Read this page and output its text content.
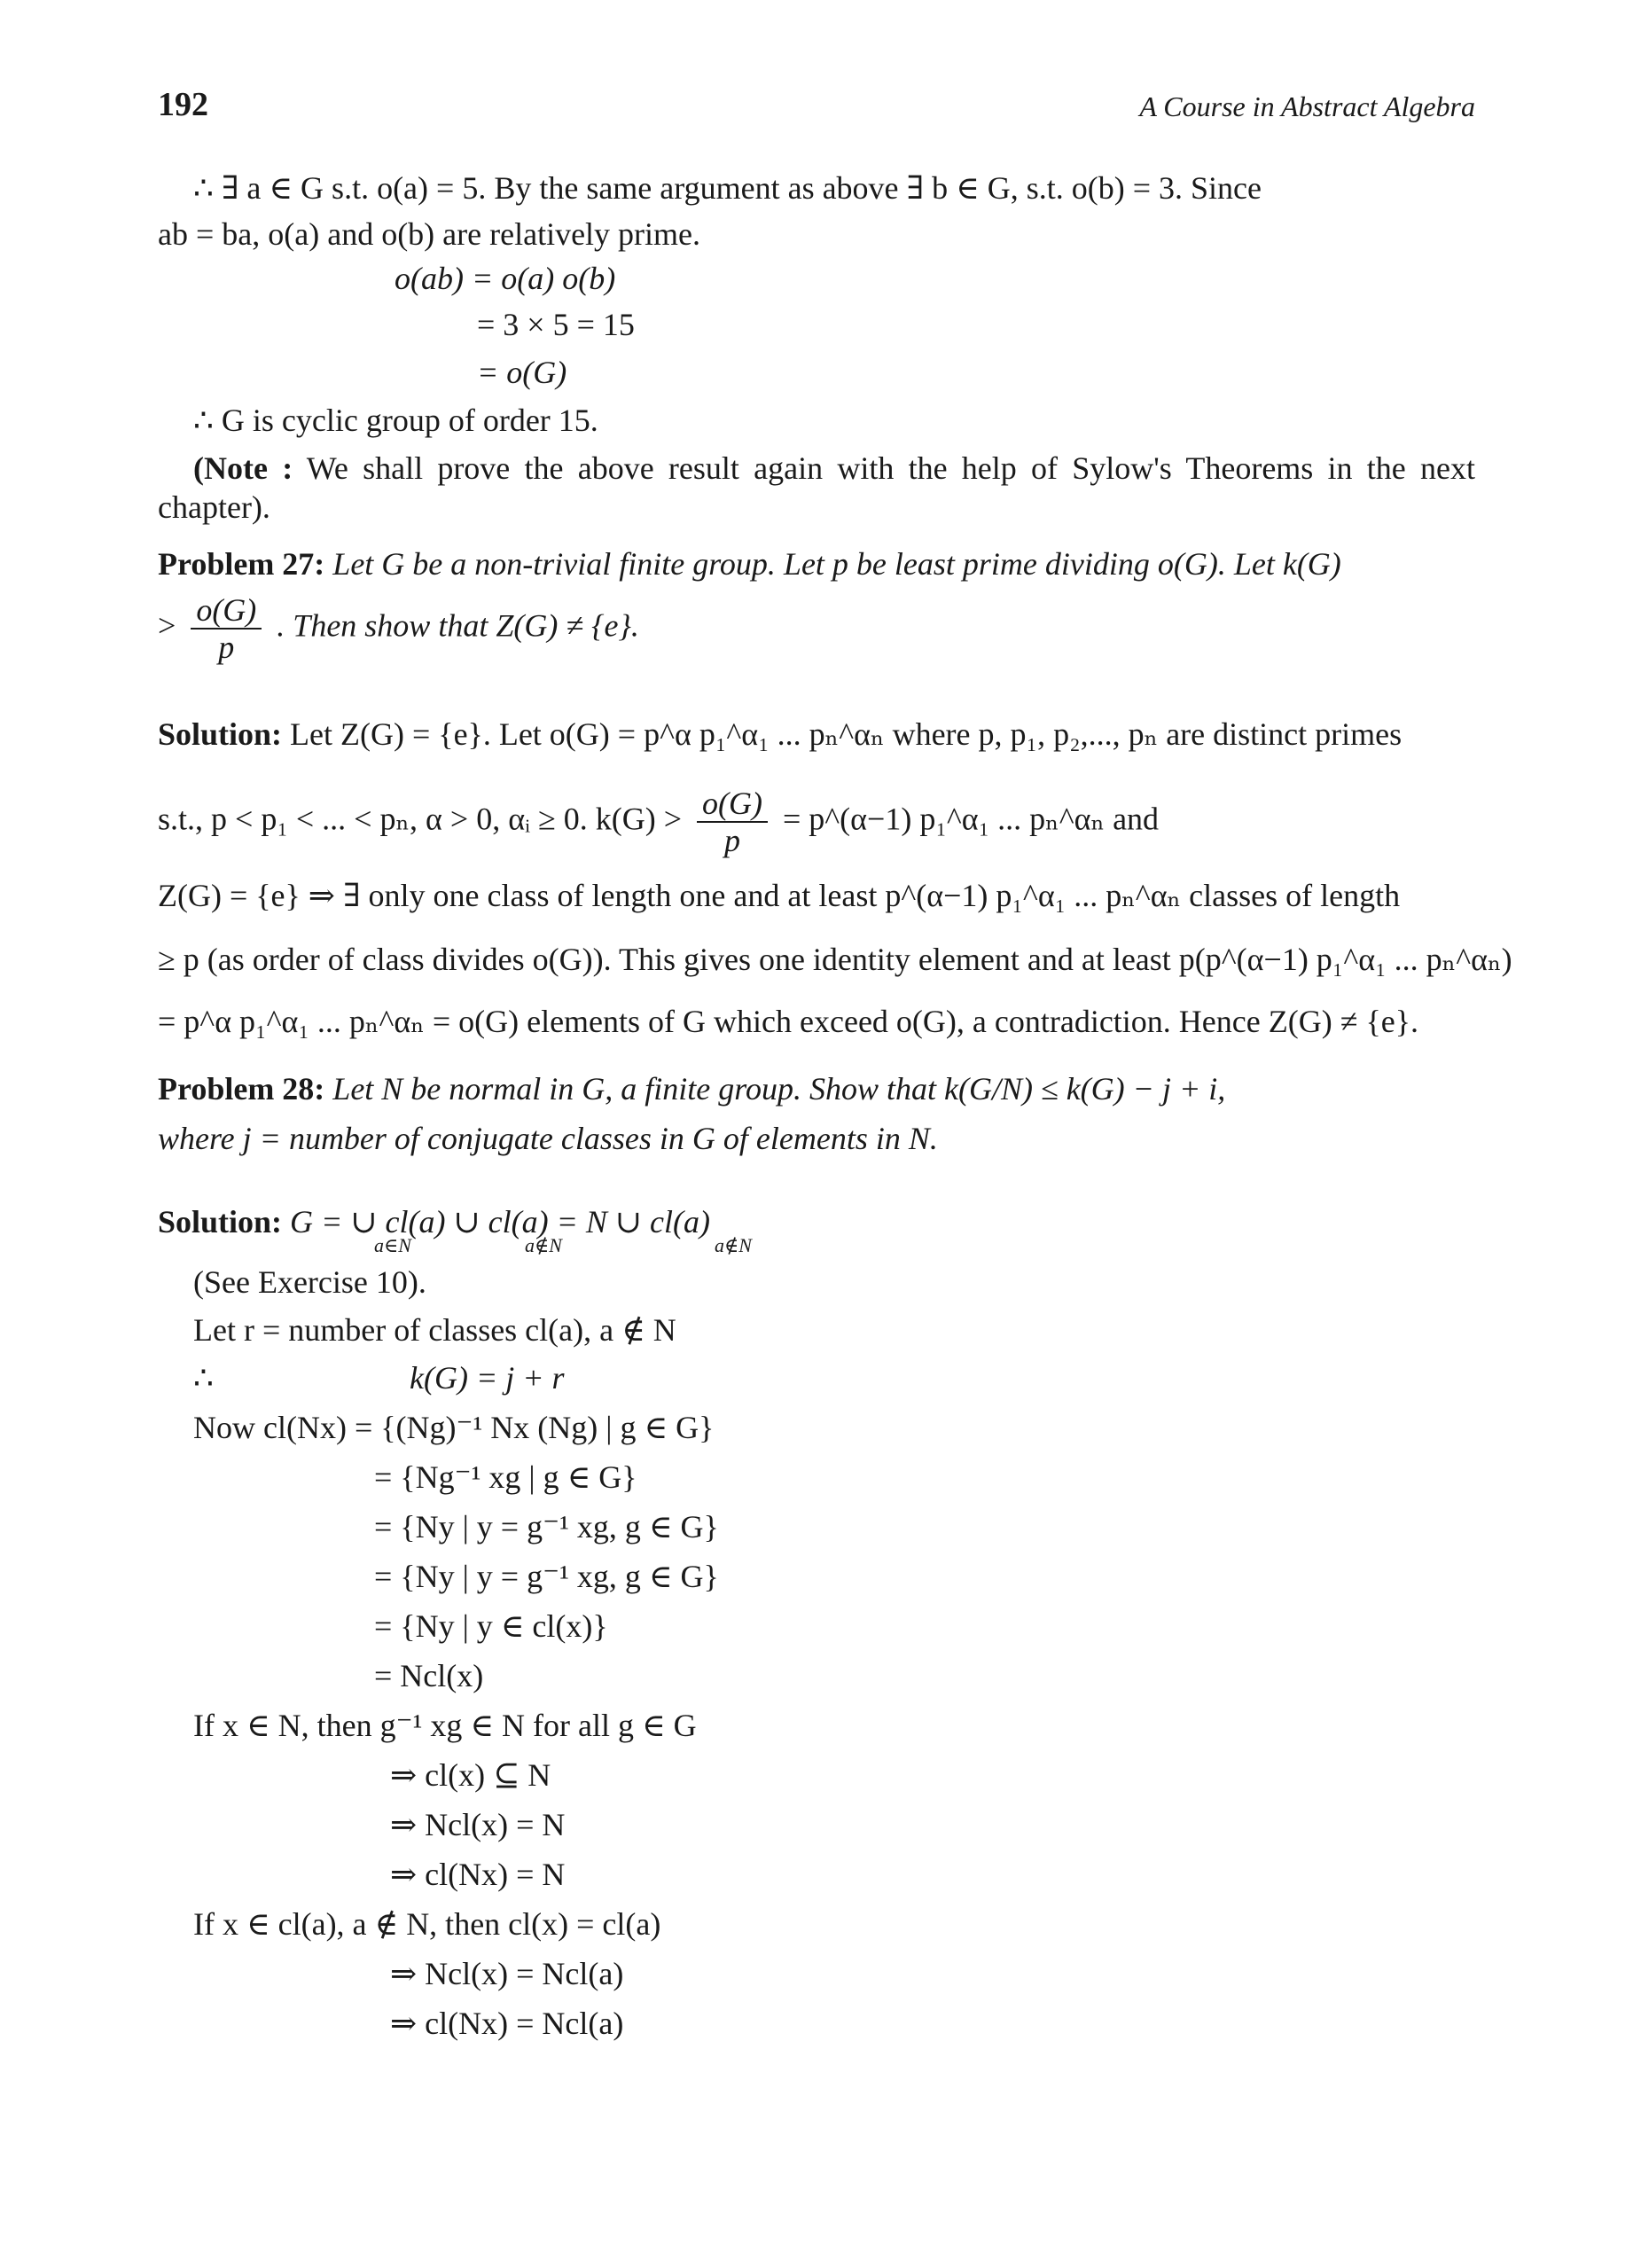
192	A Course in Abstract Algebra
∴ ∃ a ∈ G s.t. o(a) = 5. By the same argument as above ∃ b ∈ G, s.t. o(b) = 3. Since
ab = ba, o(a) and o(b) are relatively prime.
o(ab) = o(a) o(b)
= 3 × 5 = 15
= o(G)
∴ G is cyclic group of order 15.
(Note : We shall prove the above result again with the help of Sylow's Theorems in the next chapter).
Problem 27: Let G be a non-trivial finite group. Let p be least prime dividing o(G). Let k(G)
> $\frac{o(G)}{p}$ . Then show that Z(G) ≠ {e}.
Solution: Let Z(G) = {e}. Let o(G) = p^α p₁^α₁ ... pₙ^αₙ where p, p₁, p₂,..., pₙ are distinct primes
s.t., p < p₁ < ... < pₙ, α > 0, αᵢ ≥ 0. $k(G) > \frac{o(G)}{p}$ = p^(α−1) p₁^α₁ ... pₙ^αₙ and
Z(G) = {e} ⇒ ∃ only one class of length one and at least p^(α−1) p₁^α₁ ... pₙ^αₙ classes of length
≥ p (as order of class divides o(G)). This gives one identity element and at least p(p^(α−1) p₁^α₁ ... pₙ^αₙ)
= p^α p₁^α₁ ... pₙ^αₙ = o(G) elements of G which exceed o(G), a contradiction. Hence Z(G) ≠ {e}.
Problem 28: Let N be normal in G, a finite group. Show that k(G/N) ≤ k(G) − j + i,
where j = number of conjugate classes in G of elements in N.
Solution: G = ∪ cl(a) ∪ cl(a) = N ∪ cl(a)
a∈N	a∉N	a∉N
(See Exercise 10).
Let r = number of classes cl(a), a ∉ N
∴	k(G) = j + r
Now cl(Nx) = {(Ng)⁻¹ Nx (Ng) | g ∈ G}
= {Ng⁻¹ xg | g ∈ G}
= {Ny | y = g⁻¹ xg, g ∈ G}
= {Ny | y = g⁻¹ xg, g ∈ G}
= {Ny | y ∈ cl(x)}
= Ncl(x)
If x ∈ N, then g⁻¹ xg ∈ N for all g ∈ G
⇒ cl(x) ⊆ N
⇒ Ncl(x) = N
⇒ cl(Nx) = N
If x ∈ cl(a), a ∉ N, then cl(x) = cl(a)
⇒ Ncl(x) = Ncl(a)
⇒ cl(Nx) = Ncl(a)
